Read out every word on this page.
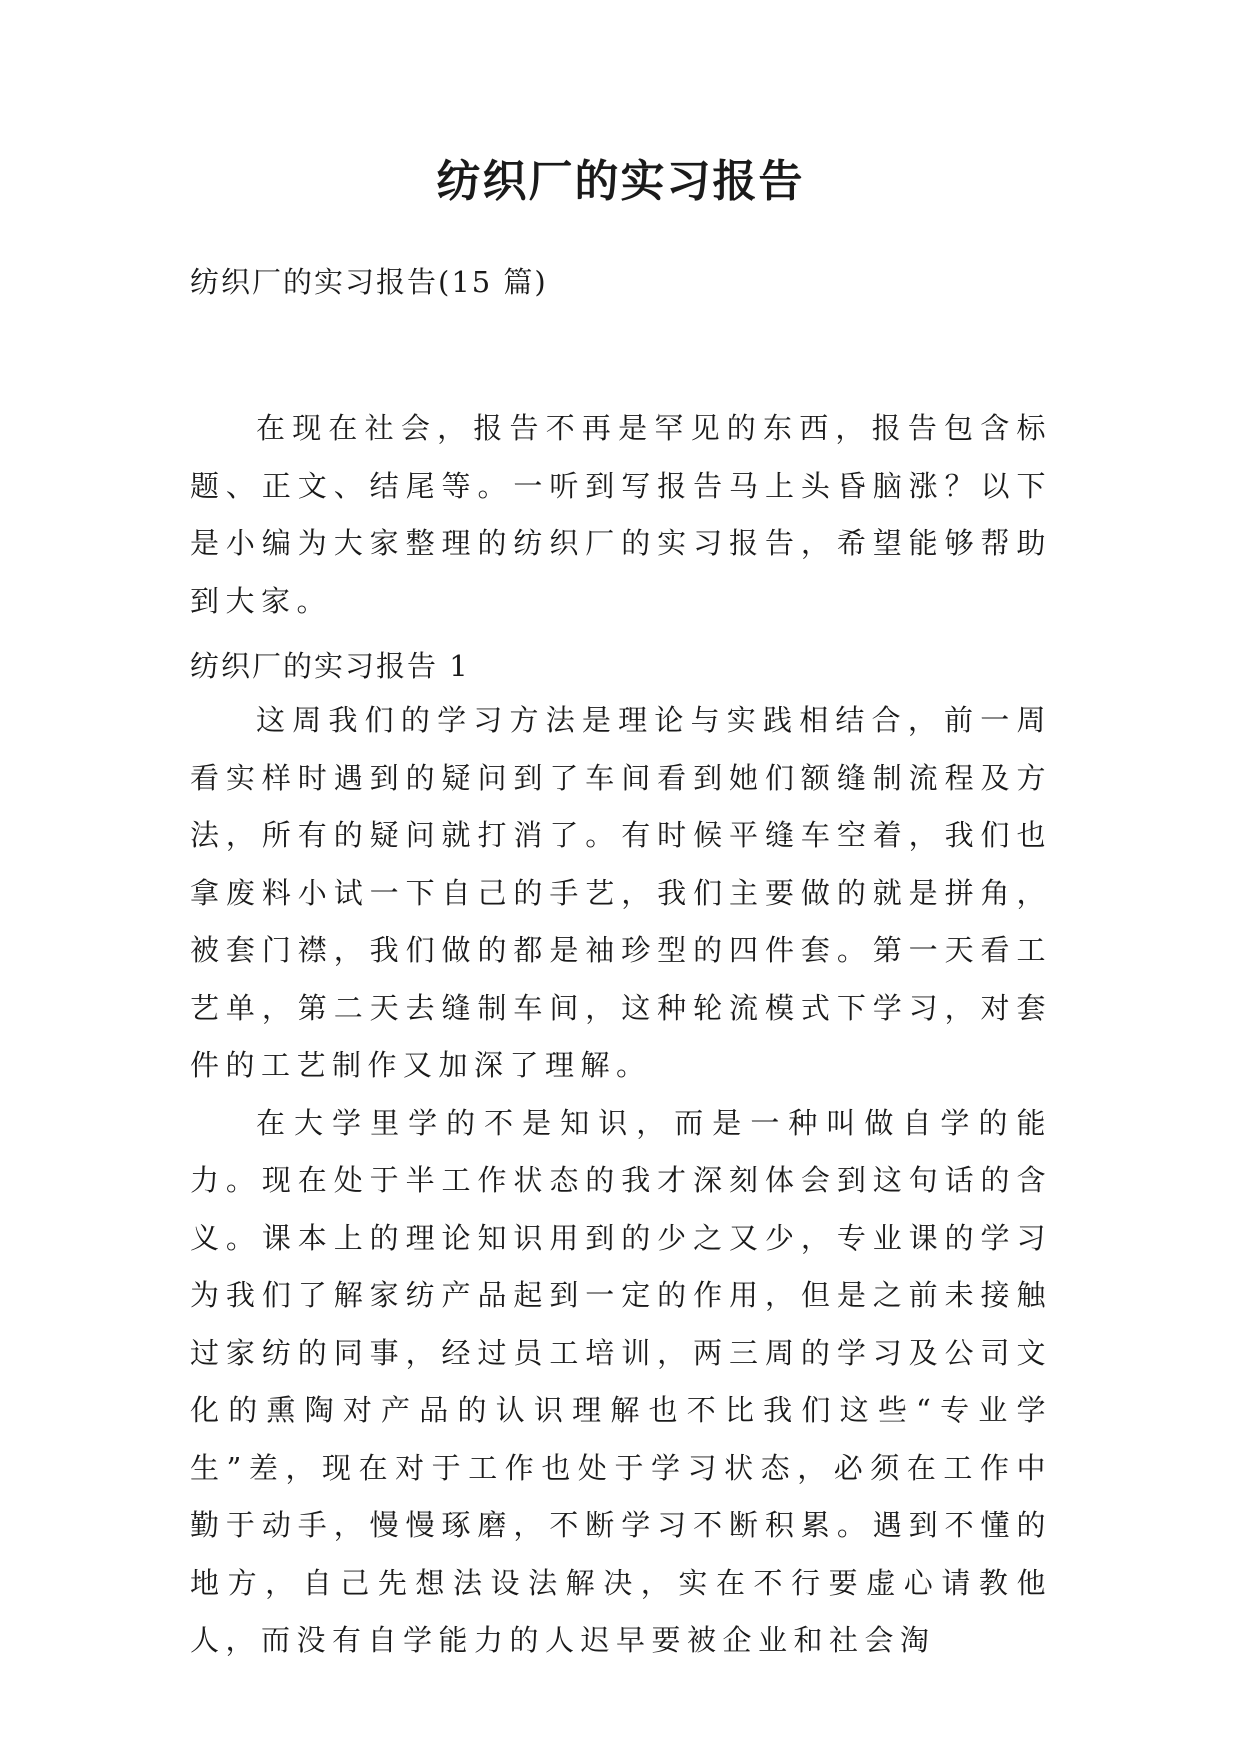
纺织厂的实习报告
纺织厂的实习报告(15 篇)

在现在社会，报告不再是罕见的东西，报告包含标题、正文、结尾等。一听到写报告马上头昏脑涨？以下是小编为大家整理的纺织厂的实习报告，希望能够帮助到大家。

纺织厂的实习报告 1

这周我们的学习方法是理论与实践相结合，前一周看实样时遇到的疑问到了车间看到她们额缝制流程及方法，所有的疑问就打消了。有时候平缝车空着，我们也拿废料小试一下自己的手艺，我们主要做的就是拼角，被套门襟，我们做的都是袖珍型的四件套。第一天看工艺单，第二天去缝制车间，这种轮流模式下学习，对套件的工艺制作又加深了理解。

在大学里学的不是知识，而是一种叫做自学的能力。现在处于半工作状态的我才深刻体会到这句话的含义。课本上的理论知识用到的少之又少，专业课的学习为我们了解家纺产品起到一定的作用，但是之前未接触过家纺的同事，经过员工培训，两三周的学习及公司文化的熏陶对产品的认识理解也不比我们这些“专业学生”差，现在对于工作也处于学习状态，必须在工作中勤于动手，慢慢琢磨，不断学习不断积累。遇到不懂的地方，自己先想法设法解决，实在不行要虚心请教他人，而没有自学能力的人迟早要被企业和社会淘
